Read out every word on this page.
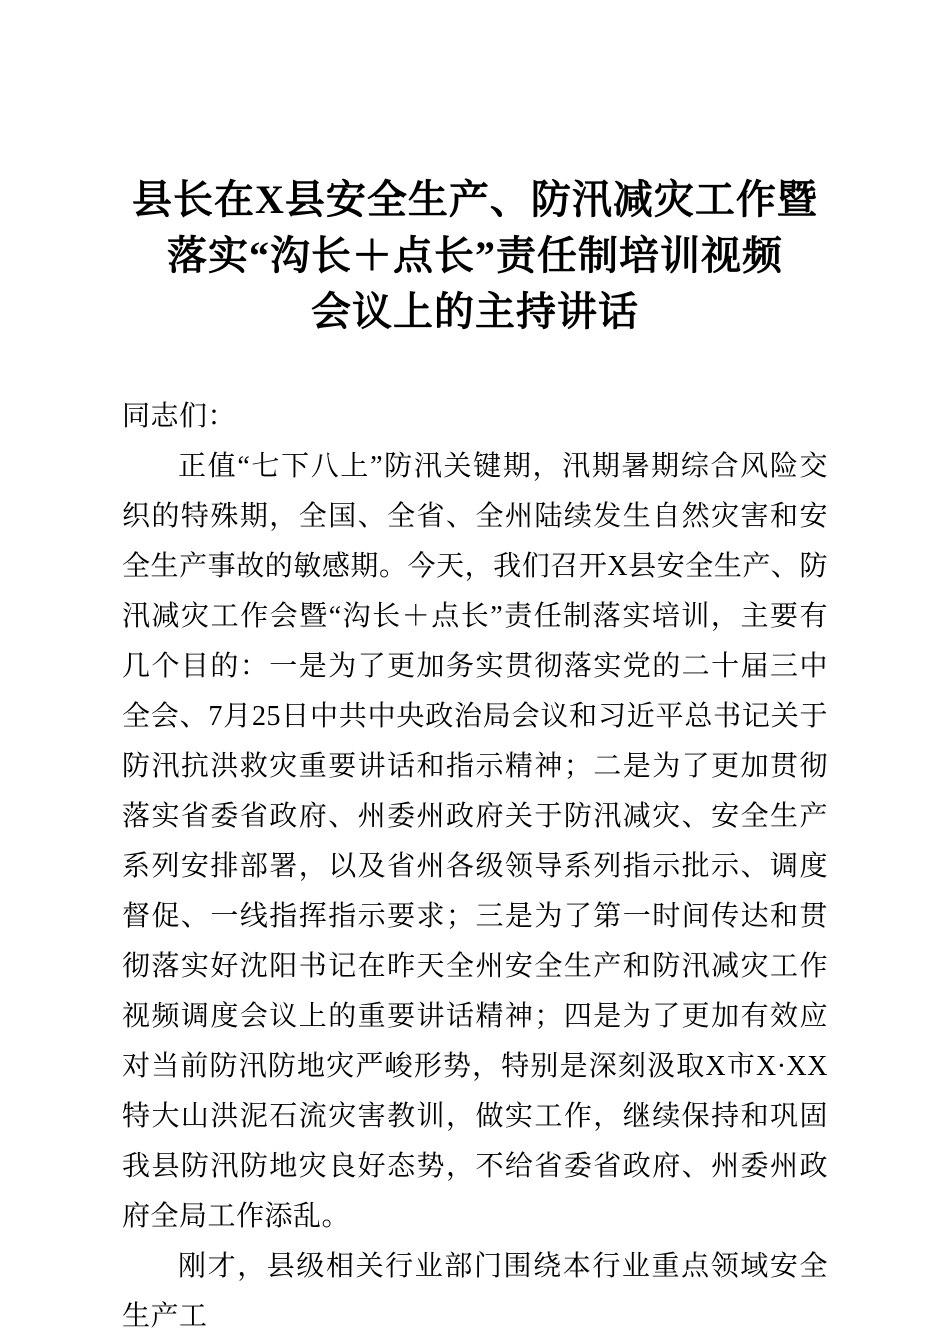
县长在X县安全生产、防汛减灾工作暨
落实“沟长＋点长”责任制培训视频
会议上的主持讲话

同志们：

正值“七下八上”防汛关键期，汛期暑期综合风险交织的特殊期，全国、全省、全州陆续发生自然灾害和安全生产事故的敏感期。今天，我们召开X县安全生产、防汛减灾工作会暨“沟长＋点长”责任制落实培训，主要有几个目的：一是为了更加务实贯彻落实党的二十届三中全会、7月25日中共中央政治局会议和习近平总书记关于防汛抗洪救灾重要讲话和指示精神；二是为了更加贯彻落实省委省政府、州委州政府关于防汛减灾、安全生产系列安排部署，以及省州各级领导系列指示批示、调度督促、一线指挥指示要求；三是为了第一时间传达和贯彻落实好沈阳书记在昨天全州安全生产和防汛减灾工作视频调度会议上的重要讲话精神；四是为了更加有效应对当前防汛防地灾严峻形势，特别是深刻汲取X市X·XX特大山洪泥石流灾害教训，做实工作，继续保持和巩固我县防汛防地灾良好态势，不给省委省政府、州委州政府全局工作添乱。

刚才，县级相关行业部门围绕本行业重点领域安全生产工
